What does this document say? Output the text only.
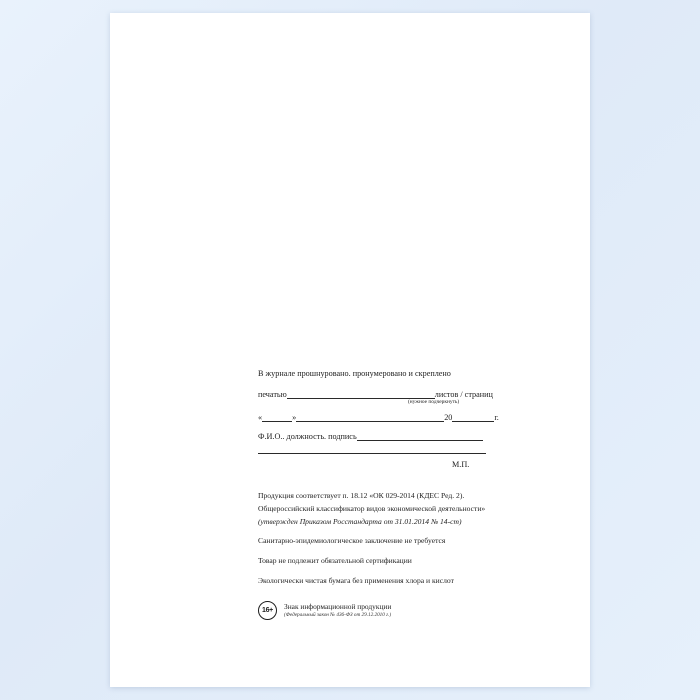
В журнале прошнуровано. пронумеровано и скреплено
печатью	листов / страниц
(нужное подчеркнуть)
«	»	20	г.
Ф.И.О.. должность. подпись
М.П.
Продукция соответствует п. 18.12 «ОК 029-2014 (КДЕС Ред. 2).
Общероссийский классификатор видов экономической деятельности»
(утвержден Приказом Росстандарта от 31.01.2014 № 14-ст)
Санитарно-эпидемиологическое заключение не требуется
Товар не подлежит обязательной сертификации
Экологически чистая бумага без применения хлора и кислот
16+	Знак информационной продукции
(Федеральный закон № 436-ФЗ от 29.12.2010 г.)
